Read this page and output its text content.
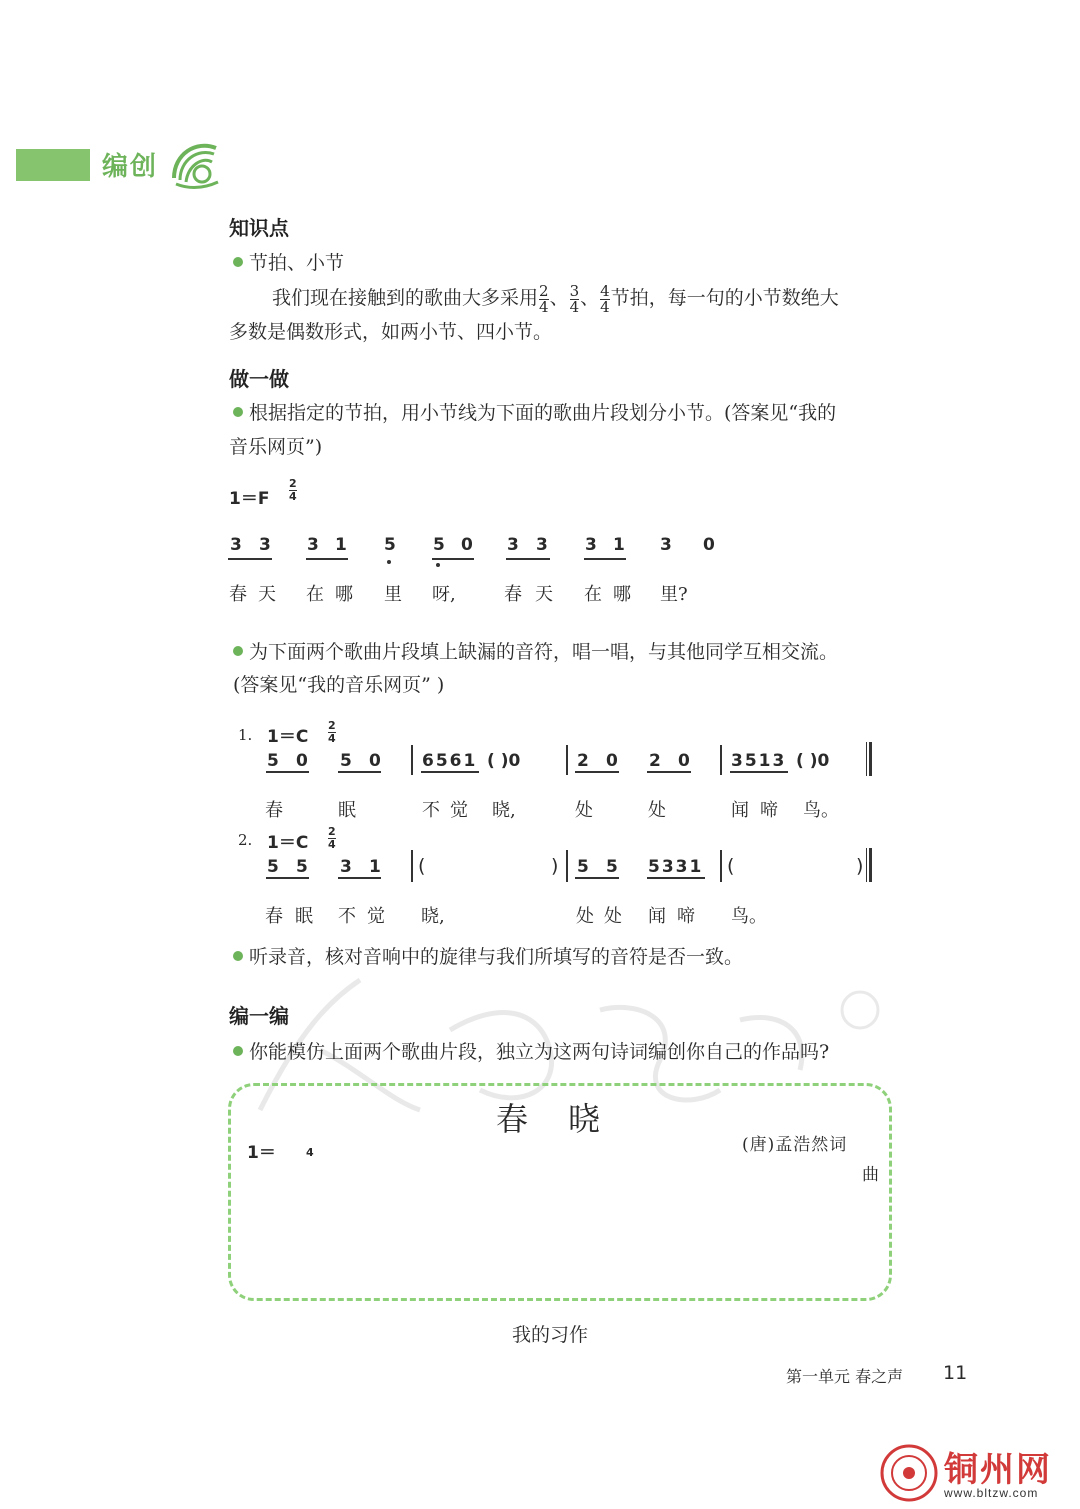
编创
知识点
节拍、小节
我们现在接触到的歌曲大多采用 $\frac{2}{4}$ 、 $\frac{3}{4}$ 、 $\frac{4}{4}$ 节拍，每一句的小节数绝大
多数是偶数形式，如两小节、四小节。
做一做
根据指定的节拍，用小节线为下面的歌曲片段划分小节。(答案见“我的
音乐网页”)
1＝F
2
4
3 3 3 1 5 5 0 3 3 3 1 3 0
春 天 在 哪 里 呀,	春 天 在 哪 里?
为下面两个歌曲片段填上缺漏的音符，唱一唱，与其他同学互相交流。
(答案见“我的音乐网页” )
1. 1＝C
2
4
5 0 5 0 6561 ( )0	2 0 2 0 3513 ( )0
春	眠	不 觉 晓,	处	处	闻 啼 鸟。
2. 1＝C
2
4
5 5 3 1 (	) 5 5 5331 (	)
春 眠 不 觉 晓,	处 处 闻 啼 鸟。
听录音，核对音响中的旋律与我们所填写的音符是否一致。
编一编
你能模仿上面两个歌曲片段，独立为这两句诗词编创你自己的作品吗?
春　晓
1＝	4	(唐)孟浩然词
曲
我的习作
第一单元 春之声 11
铜州网
www.bltzw.com
